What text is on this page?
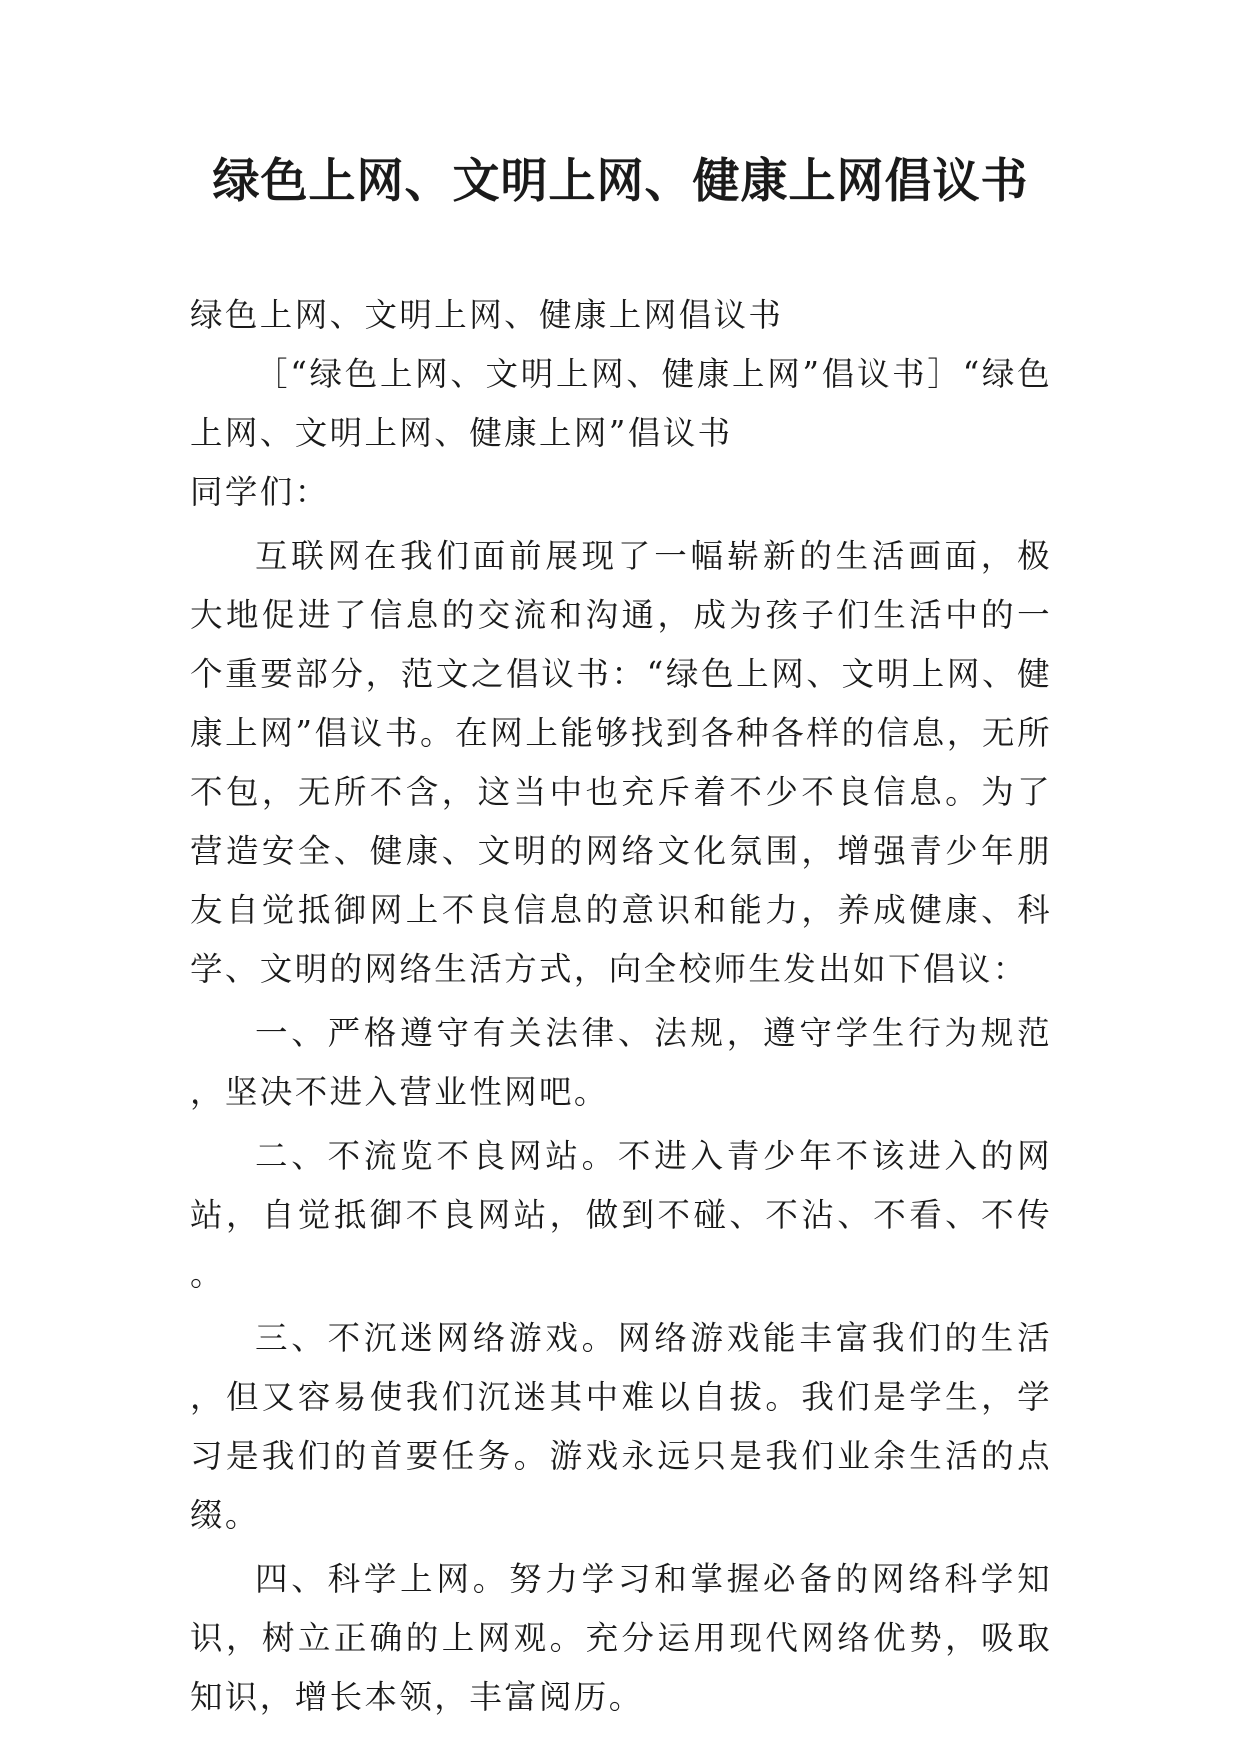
绿色上网、文明上网、健康上网倡议书

绿色上网、文明上网、健康上网倡议书

［“绿色上网、文明上网、健康上网”倡议书］“绿色上网、文明上网、健康上网”倡议书

同学们：

互联网在我们面前展现了一幅崭新的生活画面，极大地促进了信息的交流和沟通，成为孩子们生活中的一个重要部分，范文之倡议书：“绿色上网、文明上网、健康上网”倡议书。在网上能够找到各种各样的信息，无所不包，无所不含，这当中也充斥着不少不良信息。为了营造安全、健康、文明的网络文化氛围，增强青少年朋友自觉抵御网上不良信息的意识和能力，养成健康、科学、文明的网络生活方式，向全校师生发出如下倡议：

一、严格遵守有关法律、法规，遵守学生行为规范，坚决不进入营业性网吧。

二、不流览不良网站。不进入青少年不该进入的网站，自觉抵御不良网站，做到不碰、不沾、不看、不传。

三、不沉迷网络游戏。网络游戏能丰富我们的生活，但又容易使我们沉迷其中难以自拔。我们是学生，学习是我们的首要任务。游戏永远只是我们业余生活的点缀。

四、科学上网。努力学习和掌握必备的网络科学知识，树立正确的上网观。充分运用现代网络优势，吸取知识，增长本领，丰富阅历。
